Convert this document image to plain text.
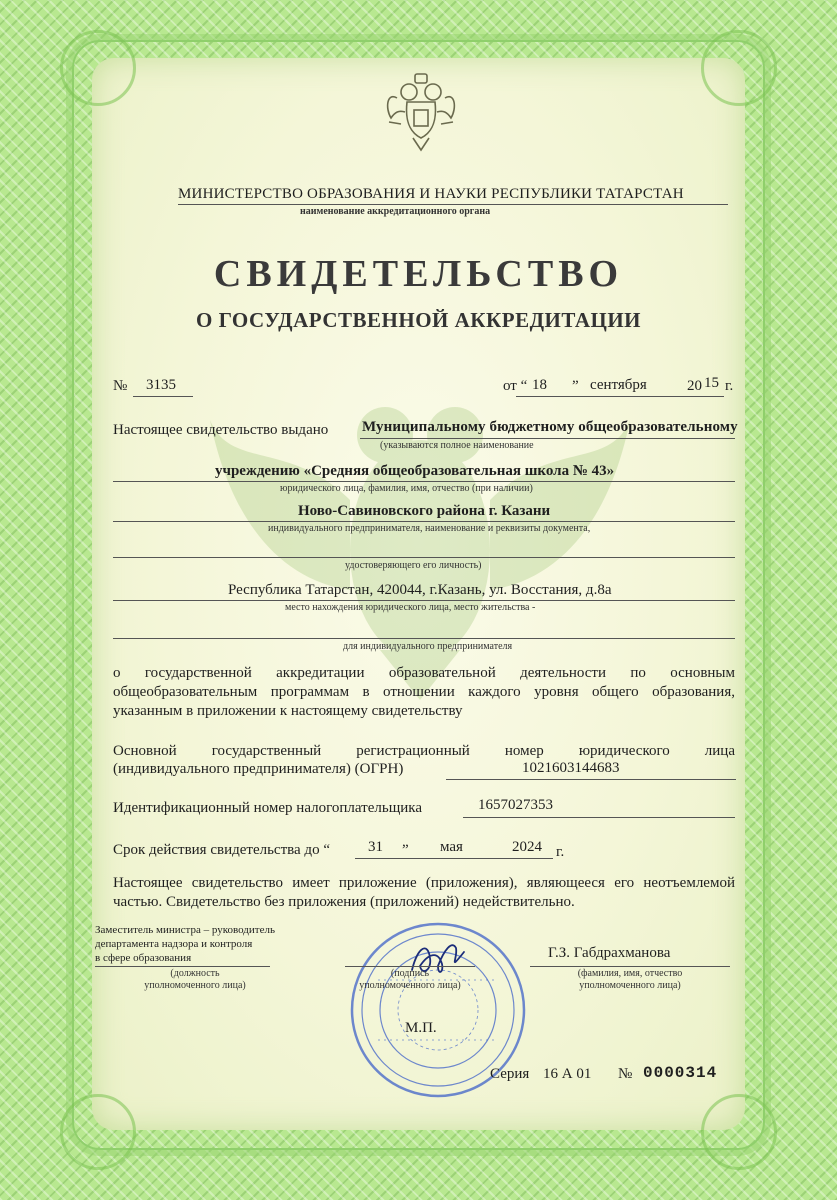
МИНИСТЕРСТВО ОБРАЗОВАНИЯ И НАУКИ РЕСПУБЛИКИ ТАТАРСТАН
наименование аккредитационного органа
СВИДЕТЕЛЬСТВО
О ГОСУДАРСТВЕННОЙ АККРЕДИТАЦИИ
№ 3135	от “ 18 ” сентября	20 15 г.
Настоящее свидетельство выдано Муниципальному бюджетному общеобразовательному
(указываются полное наименование
учреждению «Средняя общеобразовательная школа № 43»
юридического лица, фамилия, имя, отчество (при наличии)
Ново-Савиновского района г. Казани
индивидуального предпринимателя, наименование и реквизиты документа,
удостоверяющего его личность)
Республика Татарстан, 420044, г.Казань, ул. Восстания, д.8а
место нахождения юридического лица, место жительства -
для индивидуального предпринимателя
о государственной аккредитации образовательной деятельности по основным общеобразовательным программам в отношении каждого уровня общего образования, указанным в приложении к настоящему свидетельству
Основной государственный регистрационный номер юридического лица
(индивидуального предпринимателя) (ОГРН)	1021603144683
Идентификационный номер налогоплательщика	1657027353
Срок действия свидетельства до “	31 ” мая	2024 г.
Настоящее свидетельство имеет приложение (приложения), являющееся его неотъемлемой частью. Свидетельство без приложения (приложений) недействительно.
Заместитель министра – руководитель
департамента надзора и контроля
в сфере образования
(должность
уполномоченного лица)
(подпись
уполномоченного лица)
Г.З. Габдрахманова
(фамилия, имя, отчество
уполномоченного лица)
М.П.
Серия 16 А 01 № 0000314
